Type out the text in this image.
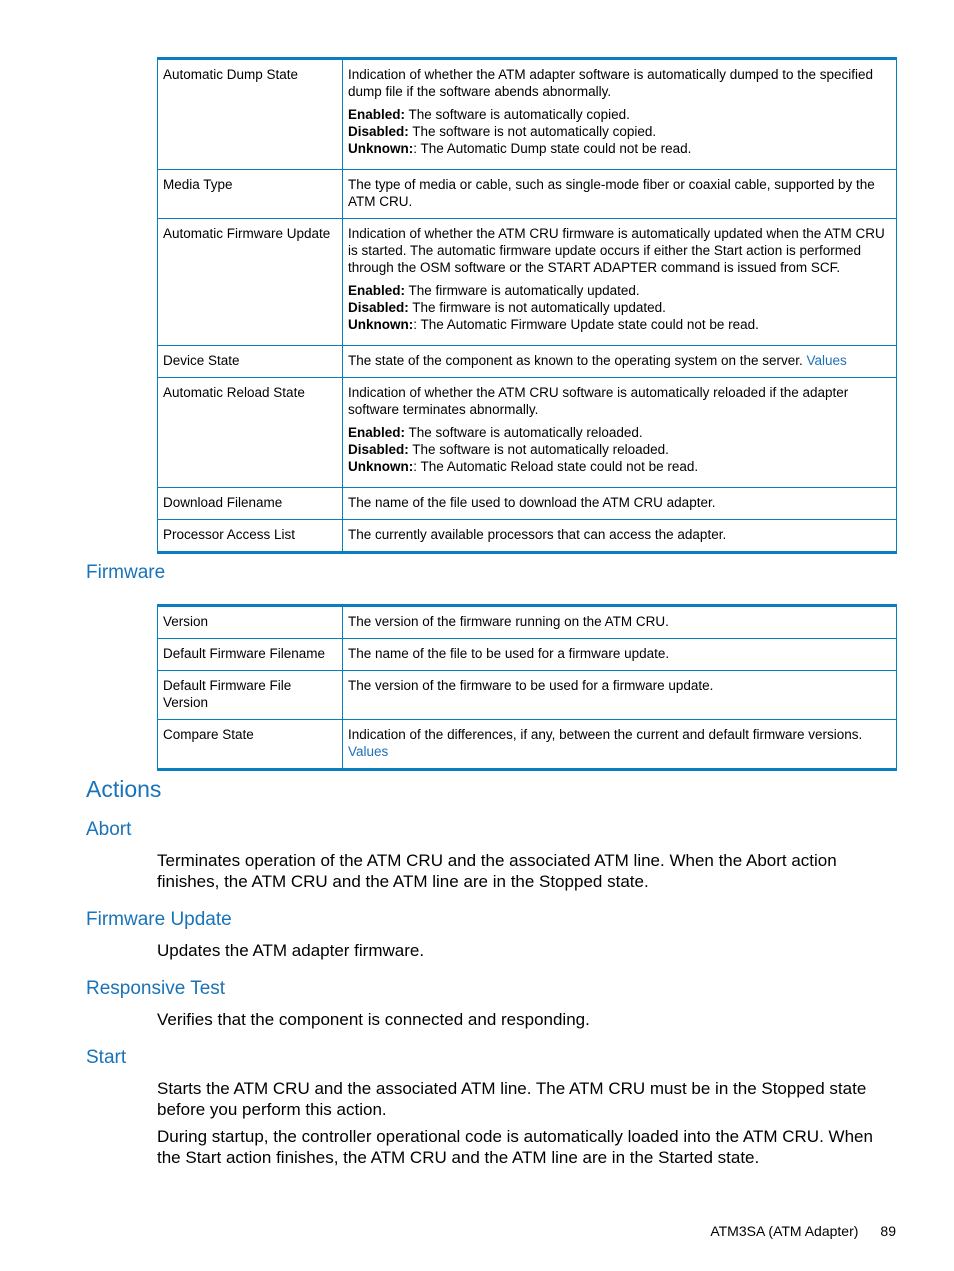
Automatic Dump State	Indication of whether the ATM adapter software is automatically dumped to the specified dump file if the software abends abnormally.

Enabled: The software is automatically copied.

Disabled: The software is not automatically copied.

Unknown:: The Automatic Dump state could not be read.

Media Type	The type of media or cable, such as single-mode fiber or coaxial cable, supported by the ATM CRU.
Automatic Firmware Update	Indication of whether the ATM CRU firmware is automatically updated when the ATM CRU is started. The automatic firmware update occurs if either the Start action is performed through the OSM software or the START ADAPTER command is issued from SCF.

Enabled: The firmware is automatically updated.

Disabled: The firmware is not automatically updated.

Unknown:: The Automatic Firmware Update state could not be read.

Device State	The state of the component as known to the operating system on the server. Values
Automatic Reload State	Indication of whether the ATM CRU software is automatically reloaded if the adapter software terminates abnormally.

Enabled: The software is automatically reloaded.

Disabled: The software is not automatically reloaded.

Unknown:: The Automatic Reload state could not be read.

Download Filename	The name of the file used to download the ATM CRU adapter.
Processor Access List	The currently available processors that can access the adapter.
Firmware
Version	The version of the firmware running on the ATM CRU.
Default Firmware Filename	The name of the file to be used for a firmware update.
Default Firmware File Version	The version of the firmware to be used for a firmware update.
Compare State	Indication of the differences, if any, between the current and default firmware versions.
Values
Actions
Abort

Terminates operation of the ATM CRU and the associated ATM line. When the Abort action finishes, the ATM CRU and the ATM line are in the Stopped state.

Firmware Update

Updates the ATM adapter firmware.

Responsive Test

Verifies that the component is connected and responding.

Start

Starts the ATM CRU and the associated ATM line. The ATM CRU must be in the Stopped state before you perform this action.

During startup, the controller operational code is automatically loaded into the ATM CRU. When the Start action finishes, the ATM CRU and the ATM line are in the Started state.

ATM3SA (ATM Adapter) 89
